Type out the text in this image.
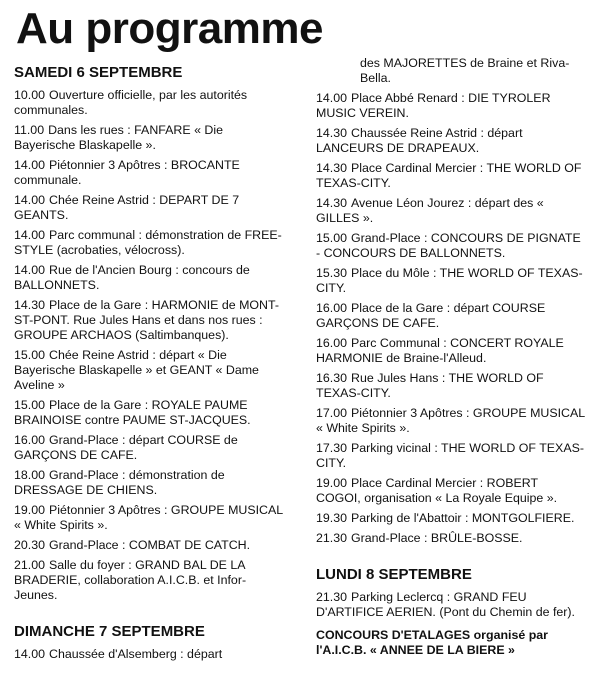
Au programme
SAMEDI 6 SEPTEMBRE
10.00 Ouverture officielle, par les autorités communales.
11.00 Dans les rues : FANFARE « Die Bayerische Blaskapelle ».
14.00 Piétonnier 3 Apôtres : BROCANTE communale.
14.00 Chée Reine Astrid : DEPART DE 7 GEANTS.
14.00 Parc communal : démonstration de FREE-STYLE (acrobaties, vélocross).
14.00 Rue de l'Ancien Bourg : concours de BALLONNETS.
14.30 Place de la Gare : HARMONIE de MONT-ST-PONT. Rue Jules Hans et dans nos rues : GROUPE ARCHAOS (Saltimbanques).
15.00 Chée Reine Astrid : départ « Die Bayerische Blaskapelle » et GEANT « Dame Aveline »
15.00 Place de la Gare : ROYALE PAUME BRAINOISE contre PAUME ST-JACQUES.
16.00 Grand-Place : départ COURSE de GARÇONS DE CAFE.
18.00 Grand-Place : démonstration de DRESSAGE DE CHIENS.
19.00 Piétonnier 3 Apôtres : GROUPE MUSICAL « White Spirits ».
20.30 Grand-Place : COMBAT DE CATCH.
21.00 Salle du foyer : GRAND BAL DE LA BRADERIE, collaboration A.I.C.B. et Infor-Jeunes.
DIMANCHE 7 SEPTEMBRE
14.00 Chaussée d'Alsemberg : départ
des MAJORETTES de Braine et Riva-Bella.
14.00 Place Abbé Renard : DIE TYROLER MUSIC VEREIN.
14.30 Chaussée Reine Astrid : départ LANCEURS DE DRAPEAUX.
14.30 Place Cardinal Mercier : THE WORLD OF TEXAS-CITY.
14.30 Avenue Léon Jourez : départ des « GILLES ».
15.00 Grand-Place : CONCOURS DE PIGNATE - CONCOURS DE BALLONNETS.
15.30 Place du Môle : THE WORLD OF TEXAS-CITY.
16.00 Place de la Gare : départ COURSE GARÇONS DE CAFE.
16.00 Parc Communal : CONCERT ROYALE HARMONIE de Braine-l'Alleud.
16.30 Rue Jules Hans : THE WORLD OF TEXAS-CITY.
17.00 Piétonnier 3 Apôtres : GROUPE MUSICAL « White Spirits ».
17.30 Parking vicinal : THE WORLD OF TEXAS-CITY.
19.00 Place Cardinal Mercier : ROBERT COGOI, organisation « La Royale Equipe ».
19.30 Parking de l'Abattoir : MONTGOLFIERE.
21.30 Grand-Place : BRÛLE-BOSSE.
LUNDI 8 SEPTEMBRE
21.30 Parking Leclercq : GRAND FEU D'ARTIFICE AERIEN. (Pont du Chemin de fer).
CONCOURS D'ETALAGES organisé par l'A.I.C.B. « ANNEE DE LA BIERE »
